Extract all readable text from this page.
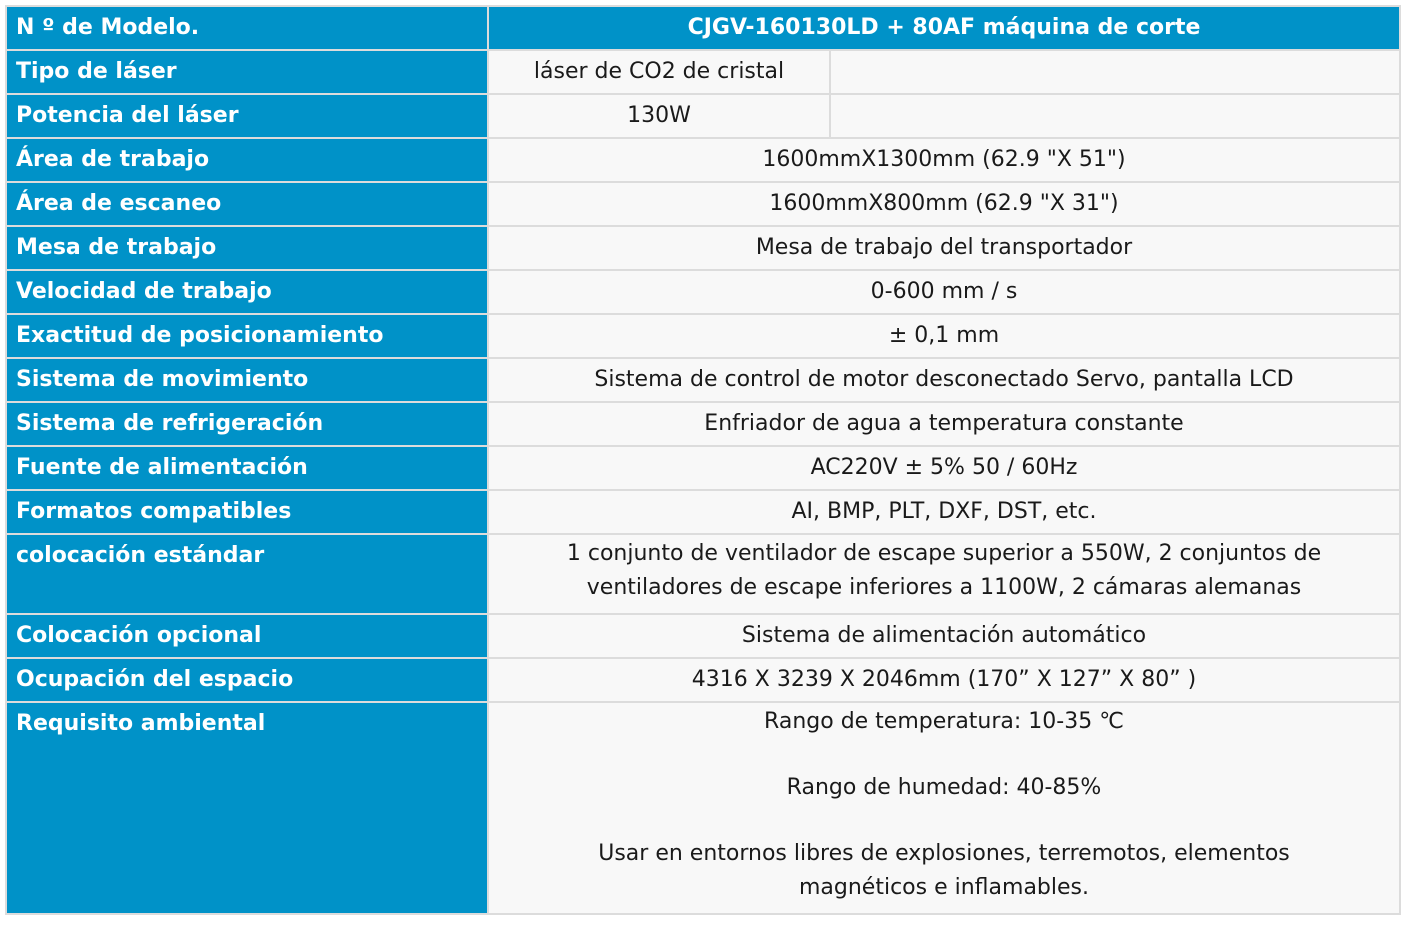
N º de Modelo.	CJGV-160130LD + 80AF máquina de corte	
Tipo de láser	láser de CO2 de cristal	
Potencia del láser	130W	
Área de trabajo	1600mmX1300mm (62.9 "X 51")	
Área de escaneo	1600mmX800mm (62.9 "X 31")	
Mesa de trabajo	Mesa de trabajo del transportador	
Velocidad de trabajo	0-600 mm / s	
Exactitud de posicionamiento	± 0,1 mm	
Sistema de movimiento	Sistema de control de motor desconectado Servo, pantalla LCD	
Sistema de refrigeración	Enfriador de agua a temperatura constante	
Fuente de alimentación	AC220V ± 5% 50 / 60Hz	
Formatos compatibles	AI, BMP, PLT, DXF, DST, etc.	
colocación estándar	1 conjunto de ventilador de escape superior a 550W, 2 conjuntos de
ventiladores de escape inferiores a 1100W, 2 cámaras alemanas	

Colocación opcional	Sistema de alimentación automático	
Ocupación del espacio	4316 X 3239 X 2046mm (170” X 127” X 80” )	
Requisito ambiental	Rango de temperatura: 10-35 ℃
Rango de humedad: 40-85%
Usar en entornos libres de explosiones, terremotos, elementos
magnéticos e inflamables.	
